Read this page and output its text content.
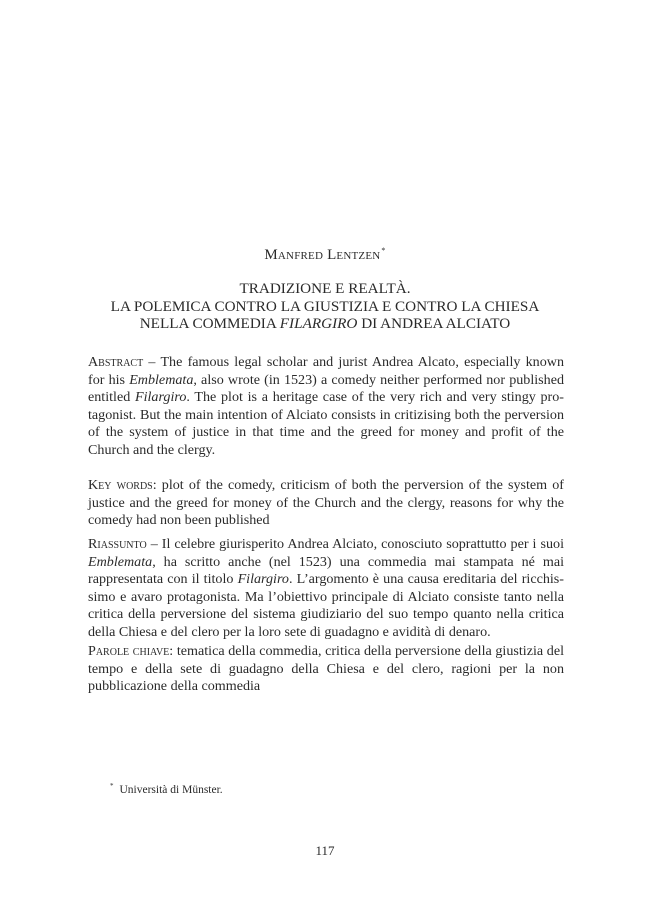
Manfred Lentzen*
TRADIZIONE E REALTÀ.
LA POLEMICA CONTRO LA GIUSTIZIA E CONTRO LA CHIESA
NELLA COMMEDIA FILARGIRO DI ANDREA ALCIATO

Abstract – The famous legal scholar and jurist Andrea Alcato, especially known for his Emblemata, also wrote (in 1523) a comedy neither performed nor published entitled Filargiro. The plot is a heritage case of the very rich and very stingy protagonist. But the main intention of Alciato consists in critizising both the perversion of the system of justice in that time and the greed for money and profit of the Church and the clergy.

Key words: plot of the comedy, criticism of both the perversion of the system of justice and the greed for money of the Church and the clergy, reasons for why the comedy had non been published

Riassunto – Il celebre giurisperito Andrea Alciato, conosciuto soprattutto per i suoi Emblemata, ha scritto anche (nel 1523) una commedia mai stampata né mai rappresentata con il titolo Filargiro. L’argomento è una causa ereditaria del ricchissimo e avaro protagonista. Ma l’obiettivo principale di Alciato consiste tanto nella critica della perversione del sistema giudiziario del suo tempo quanto nella critica della Chiesa e del clero per la loro sete di guadagno e avidità di denaro.

Parole chiave: tematica della commedia, critica della perversione della giustizia del tempo e della sete di guadagno della Chiesa e del clero, ragioni per la non pubblicazione della commedia

* Università di Münster.
117
